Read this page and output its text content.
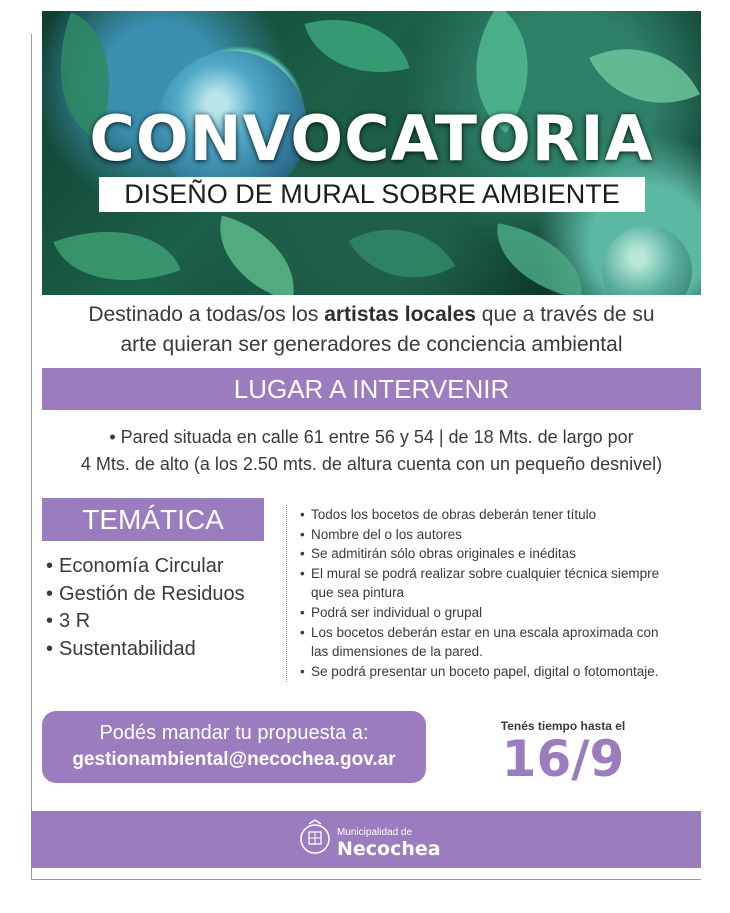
CONVOCATORIA
DISEÑO DE MURAL SOBRE AMBIENTE

Destinado a todas/os los artistas locales que a través de su
arte quieran ser generadores de conciencia ambiental

LUGAR A INTERVENIR

• Pared situada en calle 61 entre 56 y 54 | de 18 Mts. de largo por
4 Mts. de alto (a los 2.50 mts. de altura cuenta con un pequeño desnivel)

TEMÁTICA
• Economía Circular
• Gestión de Residuos
• 3 R
• Sustentabilidad
• Todos los bocetos de obras deberán tener título
• Nombre del o los autores
• Se admitirán sólo obras originales e inéditas
• El mural se podrá realizar sobre cualquier técnica siempre que sea pintura
• Podrá ser individual o grupal
• Los bocetos deberán estar en una escala aproximada con las dimensiones de la pared.
• Se podrá presentar un boceto papel, digital o fotomontaje.
Podés mandar tu propuesta a:
gestionambiental@necochea.gov.ar
Tenés tiempo hasta el
16/9
Municipalidad de
Necochea
